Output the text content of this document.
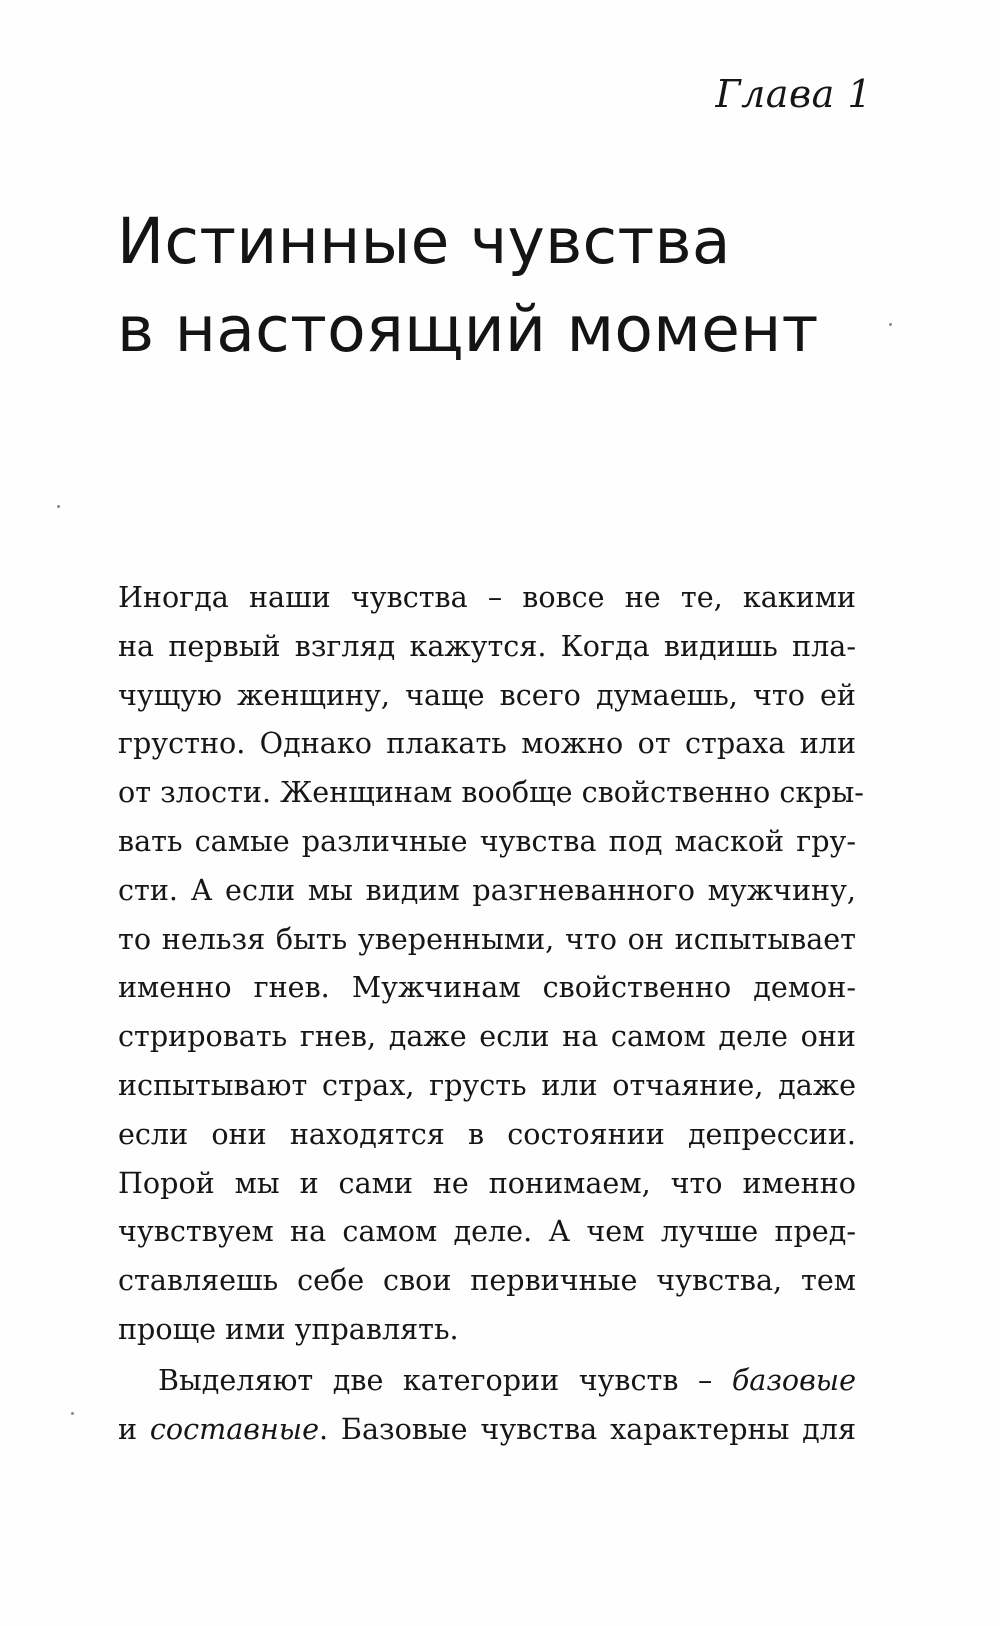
Глава 1
Истинные чувства
в настоящий момент
Иногда наши чувства – вовсе не те, какими
на первый взгляд кажутся. Когда видишь пла-
чущую женщину, чаще всего думаешь, что ей
грустно. Однако плакать можно от страха или
от злости. Женщинам вообще свойственно скры-
вать самые различные чувства под маской гру-
сти. А если мы видим разгневанного мужчину,
то нельзя быть уверенными, что он испытывает
именно гнев. Мужчинам свойственно демон-
стрировать гнев, даже если на самом деле они
испытывают страх, грусть или отчаяние, даже
если они находятся в состоянии депрессии.
Порой мы и сами не понимаем, что именно
чувствуем на самом деле. А чем лучше пред-
ставляешь себе свои первичные чувства, тем
проще ими управлять.
Выделяют две категории чувств – базовые
и составные. Базовые чувства характерны для
